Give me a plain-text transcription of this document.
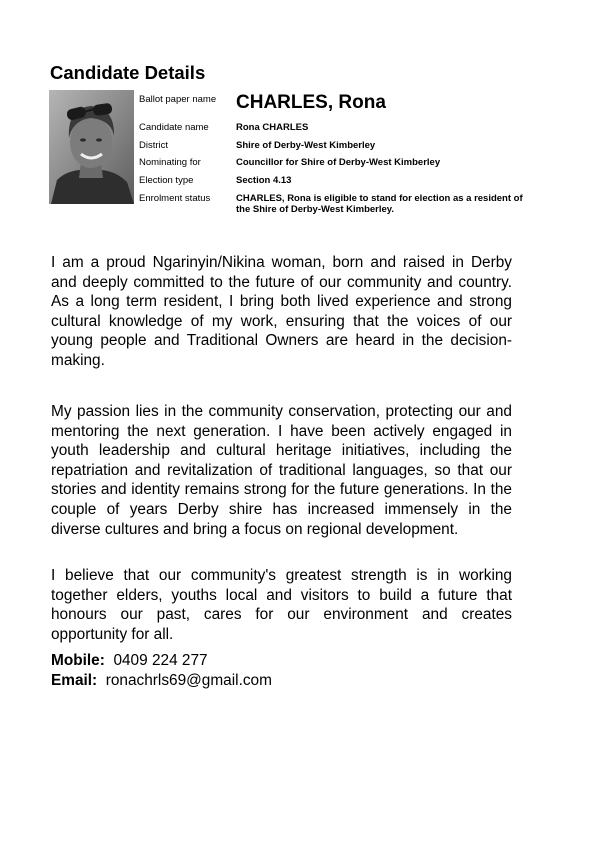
Candidate Details
Ballot paper name	CHARLES, Rona
Candidate name	Rona CHARLES
District	Shire of Derby-West Kimberley
Nominating for	Councillor for Shire of Derby-West Kimberley
Election type	Section 4.13
Enrolment status	CHARLES, Rona is eligible to stand for election as a resident of the Shire of Derby-West Kimberley.

I am a proud Ngarinyin/Nikina woman, born and raised in Derby and deeply committed to the future of our community and country. As a long term resident, I bring both lived experience and strong cultural knowledge of my work, ensuring that the voices of our young people and Traditional Owners are heard in the decision-making.

My passion lies in the community conservation, protecting our and mentoring the next generation. I have been actively engaged in youth leadership and cultural heritage initiatives, including the repatriation and revitalization of traditional languages, so that our stories and identity remains strong for the future generations. In the couple of years Derby shire has increased immensely in the diverse cultures and bring a focus on regional development.

I believe that our community's greatest strength is in working together elders, youths local and visitors to build a future that honours our past, cares for our environment and creates opportunity for all.

Mobile: 0409 224 277
Email: ronachrls69@gmail.com
